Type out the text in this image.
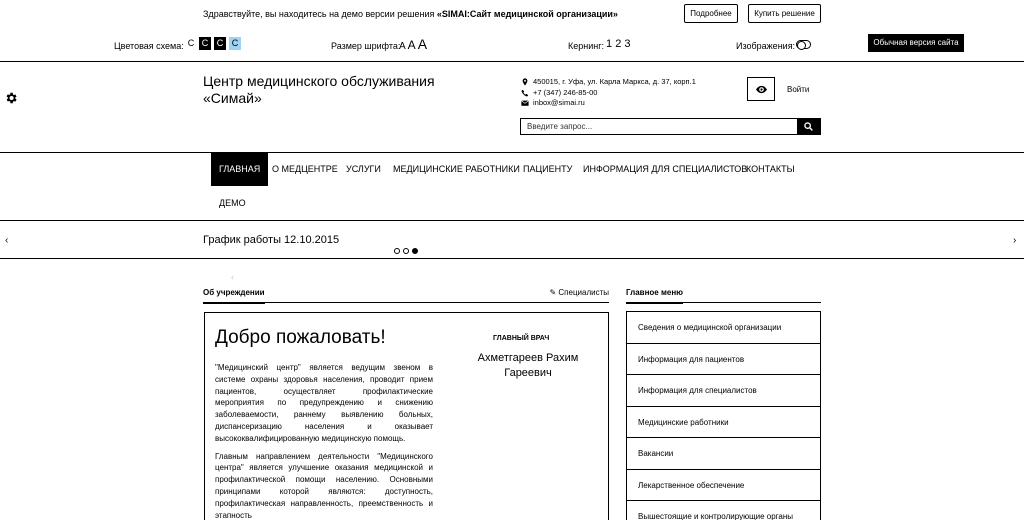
Здравствуйте, вы находитесь на демо версии решения «SIMAI:Сайт медицинской организации»	Подробнее	Купить решение
Цветовая схема: С С С С	Размер шрифта:
А А А	Кернинг: 1 2 3	Изображения:	Обычная версия сайта
Центр медицинского обслуживания «Симай»
450015, г. Уфа, ул. Карла Маркса, д. 37, корп.1
+7 (347) 246-85-00
inbox@simai.ru
Войти
Введите запрос...
ГЛАВНАЯ	О МЕДЦЕНТРЕ УСЛУГИ	МЕДИЦИНСКИЕ РАБОТНИКИ ПАЦИЕНТУ	ИНФОРМАЦИЯ ДЛЯ СПЕЦИАЛИСТОВ
КОНТАКТЫ
ДЕМО
‹	График работы 12.10.2015	›
‹
Об учреждении	✎ Специалисты
Добро пожаловать!

"Медицинский центр" является ведущим звеном в системе охраны здоровья населения, проводит прием пациентов, осуществляет профилактические мероприятия по предупреждению и снижению заболеваемости, раннему выявлению больных, диспансеризацию населения и оказывает высококвалифицированную медицинскую помощь.

Главным направлением деятельности "Медицинского центра" является улучшение оказания медицинской и профилактической помощи населению. Основными принципами которой являются: доступность, профилактическая направленность, преемственность и этапность

ГЛАВНЫЙ ВРАЧ
Ахметгареев Рахим Гареевич
Главное меню
Сведения о медицинской организации
Информация для пациентов
Информация для специалистов
Медицинские работники
Вакансии
Лекарственное обеспечение
Вышестоящие и контролирующие органы
